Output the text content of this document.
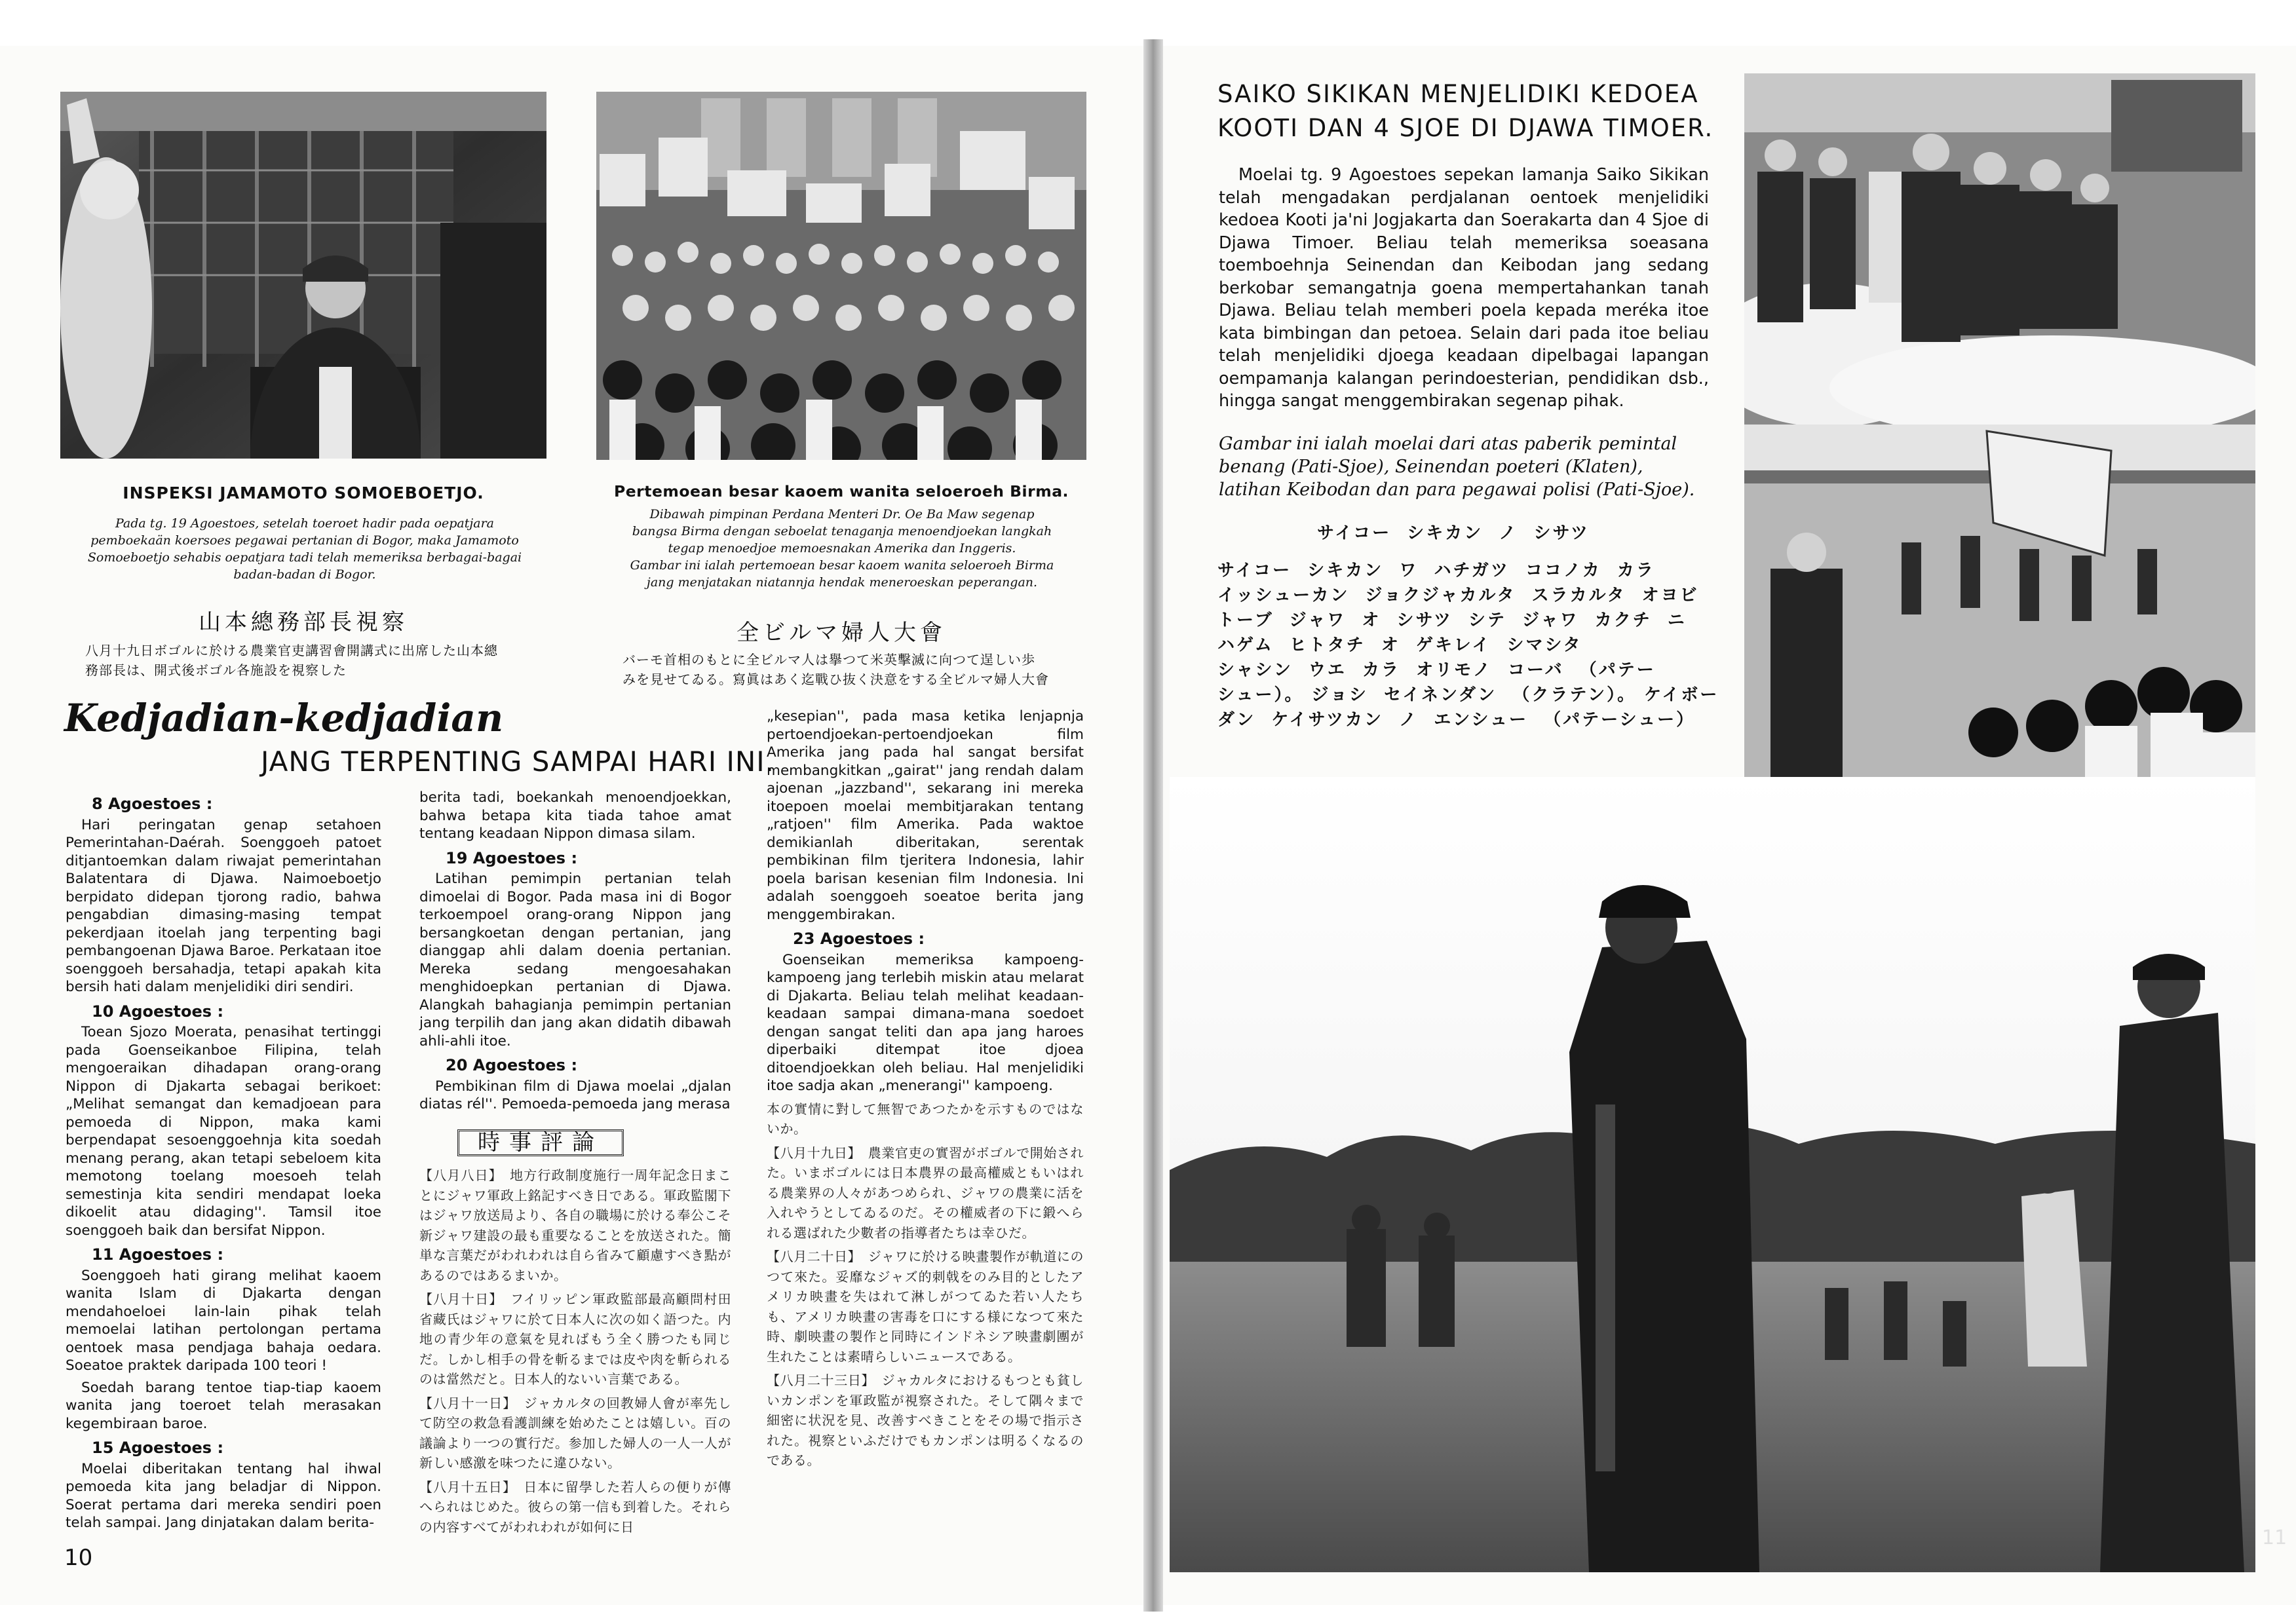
INSPEKSI JAMAMOTO SOMOEBOETJO.
Pada tg. 19 Agoestoes, setelah toeroet hadir pada oepatjara
pemboekaän koersoes pegawai pertanian di Bogor, maka Jamamoto
Somoeboetjo sehabis oepatjara tadi telah memeriksa berbagai-bagai
badan-badan di Bogor.
山本總務部長視察
八月十九日ボゴルに於ける農業官吏講習會開講式に出席した山本總
務部長は、開式後ボゴル各施設を視察した
Pertemoean besar kaoem wanita seloeroeh Birma.
Dibawah pimpinan Perdana Menteri Dr. Oe Ba Maw segenap
bangsa Birma dengan seboelat tenaganja menoendjoekan langkah
tegap menoedjoe memoesnakan Amerika dan Inggeris.
Gambar ini ialah pertemoean besar kaoem wanita seloeroeh Birma
jang menjatakan niatannja hendak meneroeskan peperangan.
全ビルマ婦人大會
バーモ首相のもとに全ビルマ人は擧つて米英擊滅に向つて逞しい歩
みを見せてゐる。寫眞はあく迄戰ひ抜く決意をする全ビルマ婦人大會
Kedjadian-kedjadian
JANG TERPENTING SAMPAI HARI INI.
8 Agoestoes :

Hari peringatan genap setahoen Pemerintahan-Daérah. Soenggoeh patoet ditjantoemkan dalam riwajat pemerintahan Balatentara di Djawa. Naimoeboetjo berpidato didepan tjorong radio, bahwa pengabdian dimasing-masing tempat pekerdjaan itoelah jang terpenting bagi pembangoenan Djawa Baroe. Perkataan itoe soenggoeh bersahadja, tetapi apakah kita bersih hati dalam menjelidiki diri sendiri.

10 Agoestoes :

Toean Sjozo Moerata, penasihat tertinggi pada Goenseikanboe Filipina, telah mengoeraikan dihadapan orang-orang Nippon di Djakarta sebagai berikoet: „Melihat semangat dan kemadjoean para pemoeda di Nippon, maka kami berpendapat sesoenggoehnja kita soedah menang perang, akan tetapi sebeloem kita memotong toelang moesoeh telah semestinja kita sendiri mendapat loeka dikoelit atau didaging''. Tamsil itoe soenggoeh baik dan bersifat Nippon.

11 Agoestoes :

Soenggoeh hati girang melihat kaoem wanita Islam di Djakarta dengan mendahoeloei lain-lain pihak telah memoelai latihan pertolongan pertama oentoek masa pendjaga bahaja oedara. Soeatoe praktek daripada 100 teori !

Soedah barang tentoe tiap-tiap kaoem wanita jang toeroet telah merasakan kegembiraan baroe.

15 Agoestoes :

Moelai diberitakan tentang hal ihwal pemoeda kita jang beladjar di Nippon. Soerat pertama dari mereka sendiri poen telah sampai. Jang dinjatakan dalam berita-

berita tadi, boekankah menoendjoekkan, bahwa betapa kita tiada tahoe amat tentang keadaan Nippon dimasa silam.

19 Agoestoes :

Latihan pemimpin pertanian telah dimoelai di Bogor. Pada masa ini di Bogor terkoempoel orang-orang Nippon jang bersangkoetan dengan pertanian, jang dianggap ahli dalam doenia pertanian. Mereka sedang mengoesahakan menghidoepkan pertanian di Djawa. Alangkah bahagianja pemimpin pertanian jang terpilih dan jang akan didatih dibawah ahli-ahli itoe.

20 Agoestoes :

Pembikinan film di Djawa moelai „djalan diatas rél''. Pemoeda-pemoeda jang merasa

時事評論

【八月八日】　地方行政制度施行一周年記念日まことにジャワ軍政上銘記すべき日である。軍政監閣下はジャワ放送局より、各自の職場に於ける奉公こそ新ジャワ建設の最も重要なることを放送された。簡単な言葉だがわれわれは自ら省みて顧慮すべき點があるのではあるまいか。

【八月十日】　フイリッピン軍政監部最高顧問村田省藏氏はジャワに於て日本人に次の如く語つた。内地の青少年の意氣を見ればもう全く勝つたも同じだ。しかし相手の骨を斬るまでは皮や肉を斬られるのは當然だと。日本人的ないい言葉である。

【八月十一日】　ジャカルタの回教婦人會が率先して防空の救急看護訓練を始めたことは嬉しい。百の議論より一つの實行だ。参加した婦人の一人一人が新しい感激を味つたに違ひない。

【八月十五日】　日本に留學した若人らの便りが傳へられはじめた。彼らの第一信も到着した。それらの内容すべてがわれわれが如何に日

„kesepian'', pada masa ketika lenjapnja pertoendjoekan-pertoendjoekan film Amerika jang pada hal sangat bersifat membangkitkan „gairat'' jang rendah dalam ajoenan „jazzband'', sekarang ini mereka itoepoen moelai membitjarakan tentang „ratjoen'' film Amerika. Pada waktoe demikianlah diberitakan, serentak pembikinan film tjeritera Indonesia, lahir poela barisan kesenian film Indonesia. Ini adalah soenggoeh soeatoe berita jang menggembirakan.

23 Agoestoes :

Goenseikan memeriksa kampoeng-kampoeng jang terlebih miskin atau melarat di Djakarta. Beliau telah melihat keadaan-keadaan sampai dimana-mana soedoet dengan sangat teliti dan apa jang haroes diperbaiki ditempat itoe djoea ditoendjoekkan oleh beliau. Hal menjelidiki itoe sadja akan „menerangi'' kampoeng.

本の實情に對して無智であつたかを示すものではないか。

【八月十九日】　農業官吏の實習がボゴルで開始された。いまボゴルには日本農界の最高權威ともいはれる農業界の人々があつめられ、ジャワの農業に活を入れやうとしてゐるのだ。その權威者の下に鍛へられる選ばれた少數者の指導者たちは幸ひだ。

【八月二十日】　ジャワに於ける映畫製作が軌道にのつて來た。妥靡なジャズ的刺戟をのみ目的としたアメリカ映畫を失はれて淋しがつてゐた若い人たちも、アメリカ映畫の害毒を口にする様になつて來た時、劇映畫の製作と同時にインドネシア映畫劇團が生れたことは素晴らしいニュースである。

【八月二十三日】　ジャカルタにおけるもつとも貧しいカンポンを軍政監が視察された。そして隅々まで細密に状況を見、改善すべきことをその場で指示された。視察といふだけでもカンポンは明るくなるのである。

10
SAIKO SIKIKAN MENJELIDIKI KEDOEA
KOOTI DAN 4 SJOE DI DJAWA TIMOER.
Moelai tg. 9 Agoestoes sepekan lamanja Saiko Sikikan telah mengadakan perdjalanan oentoek menjelidiki kedoea Kooti ja'ni Jogjakarta dan Soerakarta dan 4 Sjoe di Djawa Timoer. Beliau telah memeriksa soeasana toemboehnja Seinendan dan Keibodan jang sedang berkobar semangatnja goena mempertahankan tanah Djawa. Beliau telah memberi poela kepada meréka itoe kata bimbingan dan petoea. Selain dari pada itoe beliau telah menjelidiki djoega keadaan dipelbagai lapangan oempamanja kalangan perindoesterian, pendidikan dsb., hingga sangat menggembirakan segenap pihak.
Gambar ini ialah moelai dari atas paberik pemintal benang (Pati-Sjoe), Seinendan poeteri (Klaten), latihan Keibodan dan para pegawai polisi (Pati-Sjoe).
サイコー  シキカン  ノ  シサツ
サイコー  シキカン  ワ  ハチガツ  ココノカ  カラ
イッシューカン  ジョクジャカルタ  スラカルタ  オヨビ
トーブ  ジャワ  オ  シサツ  シテ  ジャワ  カクチ  ニ
ハゲム  ヒトタチ  オ  ゲキレイ  シマシタ
シャシン  ウエ  カラ  オリモノ  コーバ  （パテー
シュー）。 ジョシ  セイネンダン  （クラテン）。 ケイボー
ダン  ケイサツカン  ノ  エンシュー  （パテーシュー）
11
